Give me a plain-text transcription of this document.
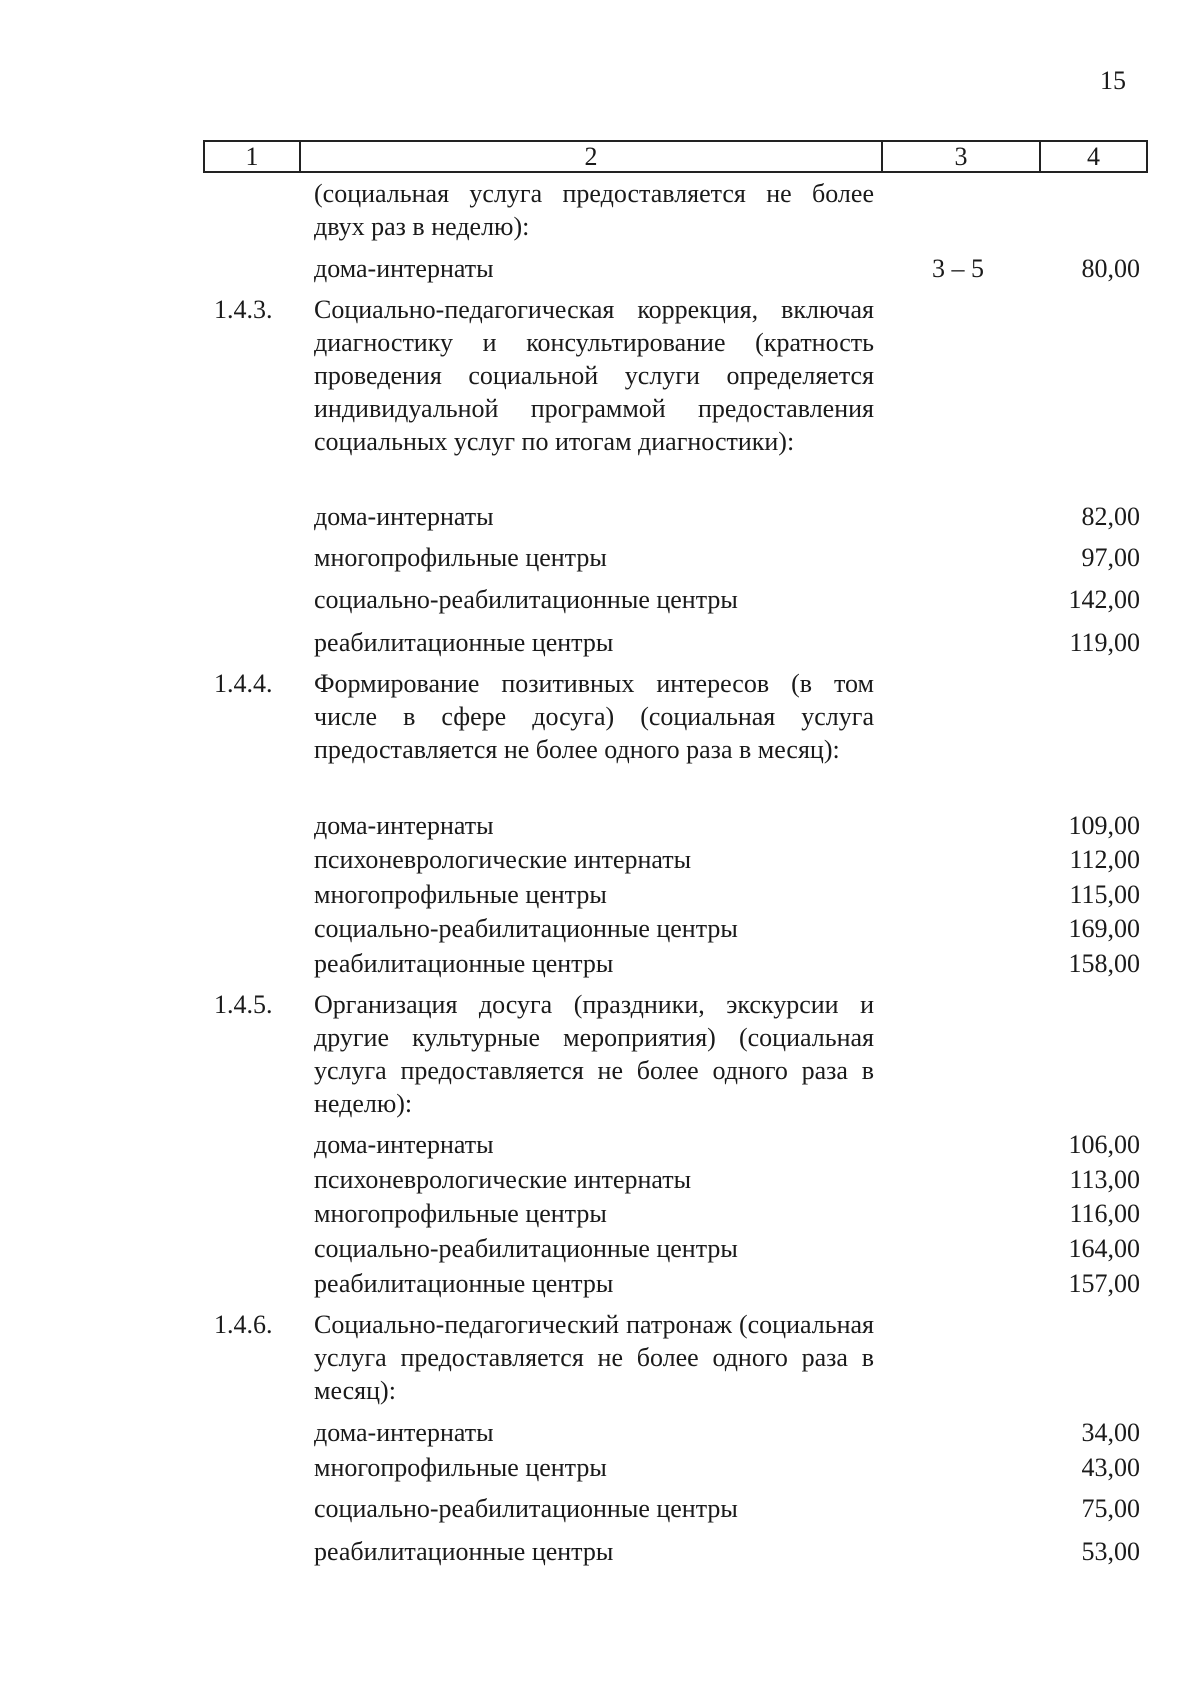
15
1	2	3	4
(социальная услуга предоставляется не более двух раз в неделю):
дома-интернаты	3 – 5	80,00
1.4.3. Социально-педагогическая коррекция, включая диагностику и консультирование (кратность проведения социальной услуги определяется индивидуальной программой предоставления социальных услуг по итогам диагностики):
дома-интернаты	82,00
многопрофильные центры	97,00
социально-реабилитационные центры	142,00
реабилитационные центры	119,00
1.4.4. Формирование позитивных интересов (в том числе в сфере досуга) (социальная услуга предоставляется не более одного раза в месяц):
дома-интернаты	109,00
психоневрологические интернаты	112,00
многопрофильные центры	115,00
социально-реабилитационные центры	169,00
реабилитационные центры	158,00
1.4.5. Организация досуга (праздники, экскурсии и другие культурные мероприятия) (социальная услуга предоставляется не более одного раза в неделю):
дома-интернаты	106,00
психоневрологические интернаты	113,00
многопрофильные центры	116,00
социально-реабилитационные центры	164,00
реабилитационные центры	157,00
1.4.6. Социально-педагогический патронаж (социальная услуга предоставляется не более одного раза в месяц):
дома-интернаты	34,00
многопрофильные центры	43,00
социально-реабилитационные центры	75,00
реабилитационные центры	53,00
